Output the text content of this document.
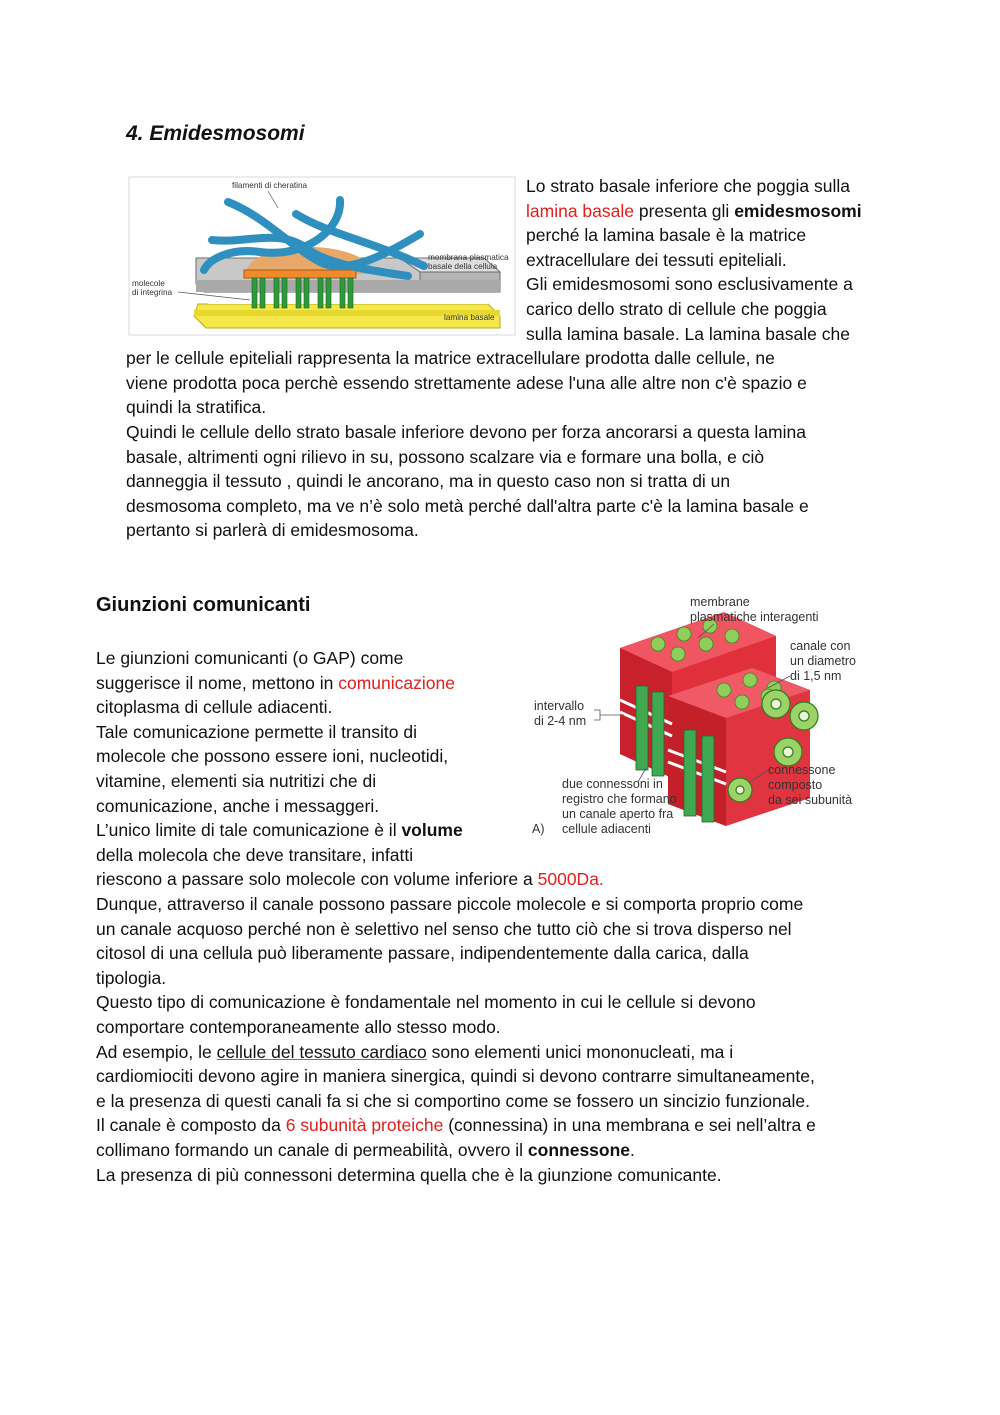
4. Emidesmosomi
filamenti di cheratina
membrana plasmatica
basale della cellula
molecole
di integrina
lamina basale
Lo strato basale inferiore che poggia sulla
lamina basale presenta gli emidesmosomi
perché la lamina basale è la matrice
extracellulare dei tessuti epiteliali.
Gli emidesmosomi sono esclusivamente a
carico dello strato di cellule che poggia
sulla lamina basale. La lamina basale che
per le cellule epiteliali rappresenta la matrice extracellulare prodotta dalle cellule, ne
viene prodotta poca perchè essendo strettamente adese l'una alle altre non c'è spazio e
quindi la stratifica.
Quindi le cellule dello strato basale inferiore devono per forza ancorarsi a questa lamina
basale, altrimenti ogni rilievo in su, possono scalzare via e formare una bolla, e ciò
danneggia il tessuto , quindi le ancorano, ma in questo caso non si tratta di un
desmosoma completo, ma ve n’è solo metà perché dall'altra parte c'è la lamina basale e
pertanto si parlerà di emidesmosoma.
Giunzioni comunicanti	membrane
plasmatiche interagenti
canale con
un diametro
di 1,5 nm
intervallo
di 2-4 nm
connessone
composto
da sei subunità
due connessoni in
registro che formano
un canale aperto fra
cellule adiacenti
A)
Le giunzioni comunicanti (o GAP) come
suggerisce il nome, mettono in comunicazione
citoplasma di cellule adiacenti.
Tale comunicazione permette il transito di
molecole che possono essere ioni, nucleotidi,
vitamine, elementi sia nutritizi che di
comunicazione, anche i messaggeri.
L’unico limite di tale comunicazione è il volume
della molecola che deve transitare, infatti
riescono a passare solo molecole con volume inferiore a 5000Da.
Dunque, attraverso il canale possono passare piccole molecole e si comporta proprio come
un canale acquoso perché non è selettivo nel senso che tutto ciò che si trova disperso nel
citosol di una cellula può liberamente passare, indipendentemente dalla carica, dalla
tipologia.
Questo tipo di comunicazione è fondamentale nel momento in cui le cellule si devono
comportare contemporaneamente allo stesso modo.
Ad esempio, le cellule del tessuto cardiaco sono elementi unici mononucleati, ma i
cardiomiociti devono agire in maniera sinergica, quindi si devono contrarre simultaneamente,
e la presenza di questi canali fa si che si comportino come se fossero un sincizio funzionale.
Il canale è composto da 6 subunità proteiche (connessina) in una membrana e sei nell’altra e
collimano formando un canale di permeabilità, ovvero il connessone.
La presenza di più connessoni determina quella che è la giunzione comunicante.
